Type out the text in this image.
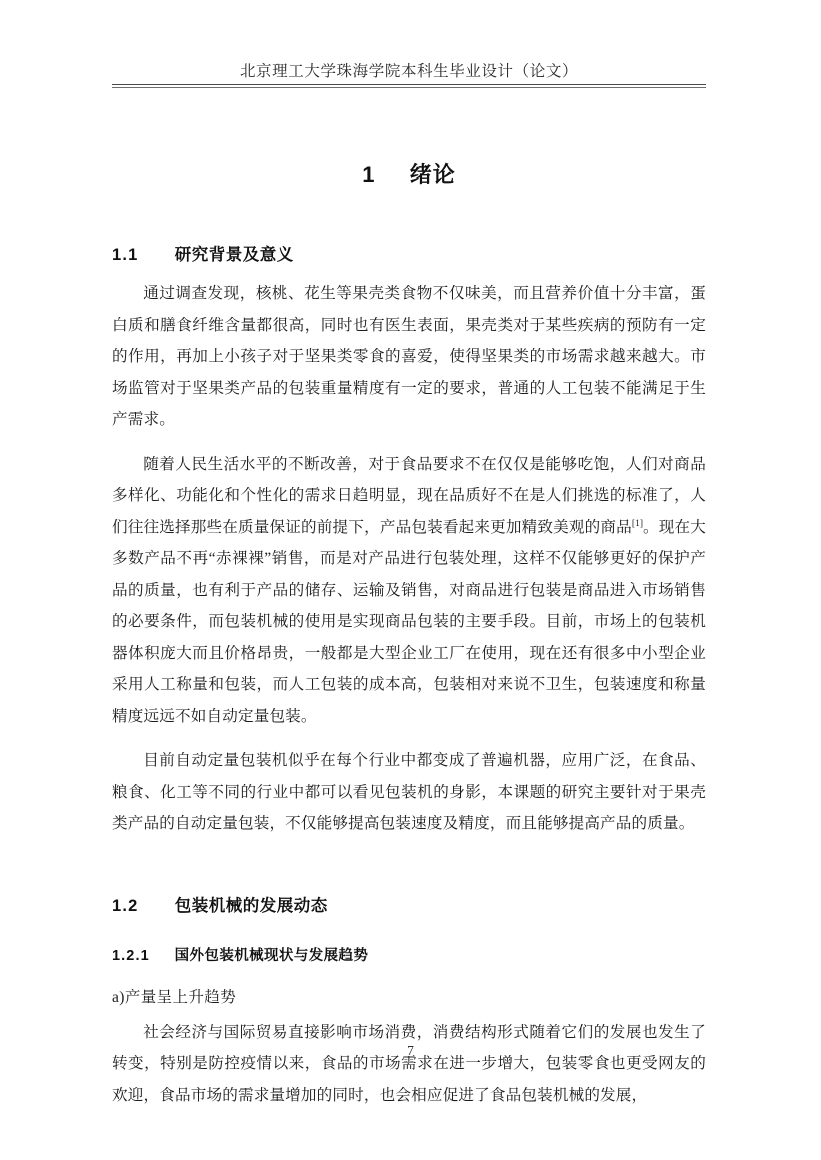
北京理工大学珠海学院本科生毕业设计（论文）
1 绪论
1.1 研究背景及意义

通过调查发现，核桃、花生等果壳类食物不仅味美，而且营养价值十分丰富，蛋白质和膳食纤维含量都很高，同时也有医生表面，果壳类对于某些疾病的预防有一定的作用，再加上小孩子对于坚果类零食的喜爱，使得坚果类的市场需求越来越大。市场监管对于坚果类产品的包装重量精度有一定的要求，普通的人工包装不能满足于生产需求。

随着人民生活水平的不断改善，对于食品要求不在仅仅是能够吃饱，人们对商品多样化、功能化和个性化的需求日趋明显，现在品质好不在是人们挑选的标准了，人们往往选择那些在质量保证的前提下，产品包装看起来更加精致美观的商品[1]。现在大多数产品不再“赤裸裸”销售，而是对产品进行包装处理，这样不仅能够更好的保护产品的质量，也有利于产品的储存、运输及销售，对商品进行包装是商品进入市场销售的必要条件，而包装机械的使用是实现商品包装的主要手段。目前，市场上的包装机器体积庞大而且价格昂贵，一般都是大型企业工厂在使用，现在还有很多中小型企业采用人工称量和包装，而人工包装的成本高，包装相对来说不卫生，包装速度和称量精度远远不如自动定量包装。

目前自动定量包装机似乎在每个行业中都变成了普遍机器，应用广泛，在食品、粮食、化工等不同的行业中都可以看见包装机的身影，本课题的研究主要针对于果壳类产品的自动定量包装，不仅能够提高包装速度及精度，而且能够提高产品的质量。

1.2 包装机械的发展动态
1.2.1 国外包装机械现状与发展趋势

a)产量呈上升趋势

社会经济与国际贸易直接影响市场消费，消费结构形式随着它们的发展也发生了转变，特别是防控疫情以来，食品的市场需求在进一步增大，包装零食也更受网友的欢迎，食品市场的需求量增加的同时，也会相应促进了食品包装机械的发展，

7
